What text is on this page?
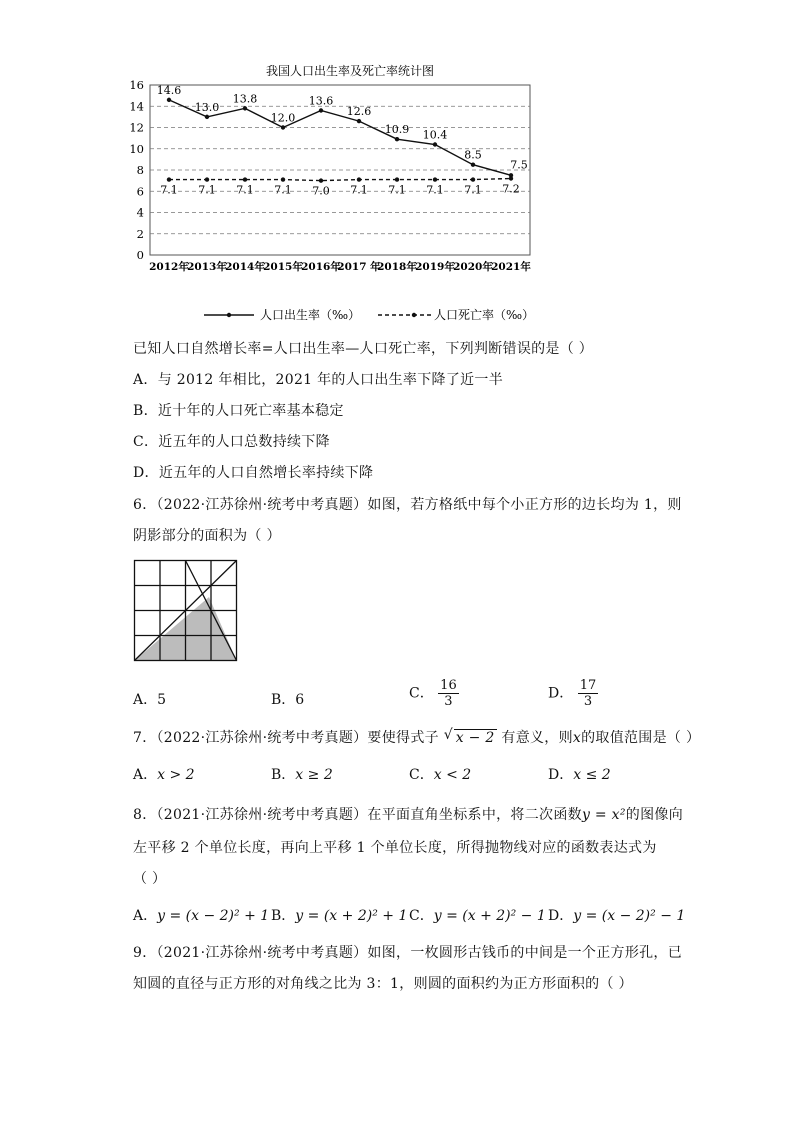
我国人口出生率及死亡率统计图
0
2
4
6
8
10
12
14
16
2012年
2013年
2014年
2015年
2016年
2017 年
2018年
2019年
2020年
2021年
14.6
13.0
13.8
12.0
13.6
12.6
10.9 10.4
8.5
7.5
7.1 7.1 7.1 7.1 7.0 7.1 7.1 7.1 7.1 7.2
人口出生率（‰）	人口死亡率（‰）
已知人口自然增长率=人口出生率—人口死亡率，下列判断错误的是（ ）
A．与 2012 年相比，2021 年的人口出生率下降了近一半
B．近十年的人口死亡率基本稳定
C．近五年的人口总数持续下降
D．近五年的人口自然增长率持续下降
6．（2022·江苏徐州·统考中考真题）如图，若方格纸中每个小正方形的边长均为 1，则
阴影部分的面积为（ ）
A．5	B．6	C． $\frac{16}{3}$	D． $\frac{17}{3}$
7．（2022·江苏徐州·统考中考真题）要使得式子 √ x − 2 有意义，则x的取值范围是（ ）
A．x > 2	B．x ≥ 2	C．x < 2	D．x ≤ 2
8．（2021·江苏徐州·统考中考真题）在平面直角坐标系中，将二次函数y = x²的图像向
左平移 2 个单位长度，再向上平移 1 个单位长度，所得抛物线对应的函数表达式为
（ ）
A．y = (x − 2)² + 1 B．y = (x + 2)² + 1 C．y = (x + 2)² − 1 D．y = (x − 2)² − 1
9．（2021·江苏徐州·统考中考真题）如图，一枚圆形古钱币的中间是一个正方形孔，已
知圆的直径与正方形的对角线之比为 3：1，则圆的面积约为正方形面积的（ ）
